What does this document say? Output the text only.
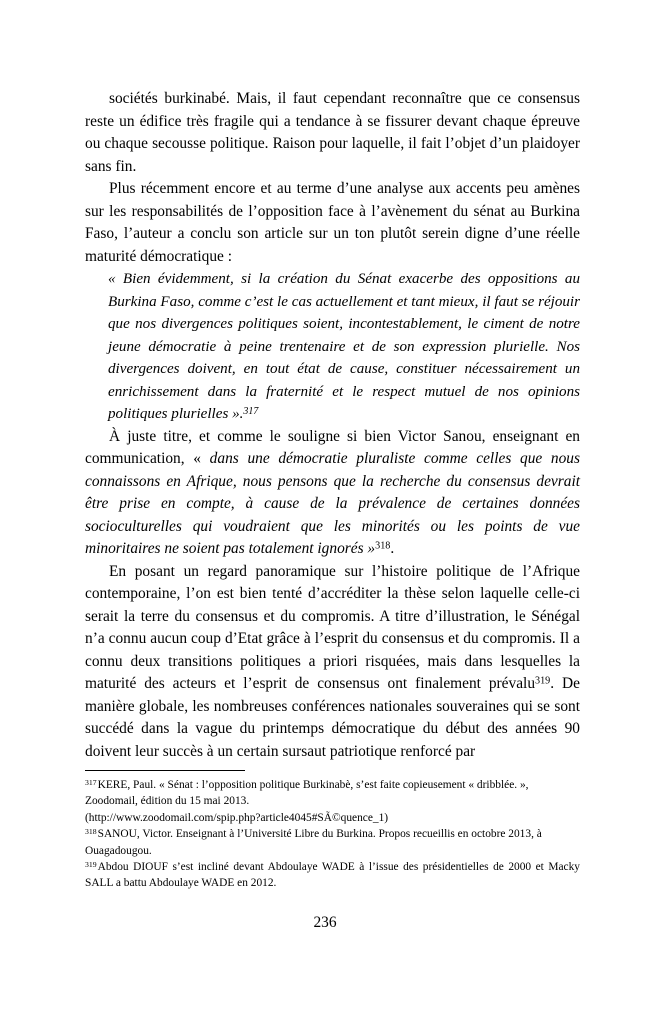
sociétés burkinabé. Mais, il faut cependant reconnaître que ce consensus reste un édifice très fragile qui a tendance à se fissurer devant chaque épreuve ou chaque secousse politique. Raison pour laquelle, il fait l’objet d’un plaidoyer sans fin.

Plus récemment encore et au terme d’une analyse aux accents peu amènes sur les responsabilités de l’opposition face à l’avènement du sénat au Burkina Faso, l’auteur a conclu son article sur un ton plutôt serein digne d’une réelle maturité démocratique :

« Bien évidemment, si la création du Sénat exacerbe des oppositions au Burkina Faso, comme c’est le cas actuellement et tant mieux, il faut se réjouir que nos divergences politiques soient, incontestablement, le ciment de notre jeune démocratie à peine trentenaire et de son expression plurielle. Nos divergences doivent, en tout état de cause, constituer nécessairement un enrichissement dans la fraternité et le respect mutuel de nos opinions politiques plurielles ».$^{317}$

À juste titre, et comme le souligne si bien Victor Sanou, enseignant en communication, « dans une démocratie pluraliste comme celles que nous connaissons en Afrique, nous pensons que la recherche du consensus devrait être prise en compte, à cause de la prévalence de certaines données socioculturelles qui voudraient que les minorités ou les points de vue minoritaires ne soient pas totalement ignorés »$^{318}$.

En posant un regard panoramique sur l’histoire politique de l’Afrique contemporaine, l’on est bien tenté d’accréditer la thèse selon laquelle celle-ci serait la terre du consensus et du compromis. A titre d’illustration, le Sénégal n’a connu aucun coup d’Etat grâce à l’esprit du consensus et du compromis. Il a connu deux transitions politiques a priori risquées, mais dans lesquelles la maturité des acteurs et l’esprit de consensus ont finalement prévalu$^{319}$. De manière globale, les nombreuses conférences nationales souveraines qui se sont succédé dans la vague du printemps démocratique du début des années 90 doivent leur succès à un certain sursaut patriotique renforcé par

$^{317}$KERE, Paul. « Sénat : l’opposition politique Burkinabè, s’est faite copieusement « dribblée. », Zoodomail, édition du 15 mai 2013.

(http://www.zoodomail.com/spip.php?article4045#SÃ©quence_1)

$^{318}$SANOU, Victor. Enseignant à l’Université Libre du Burkina. Propos recueillis en octobre 2013, à Ouagadougou.

$^{319}$Abdou DIOUF s’est incliné devant Abdoulaye WADE à l’issue des présidentielles de 2000 et Macky SALL a battu Abdoulaye WADE en 2012.

236
